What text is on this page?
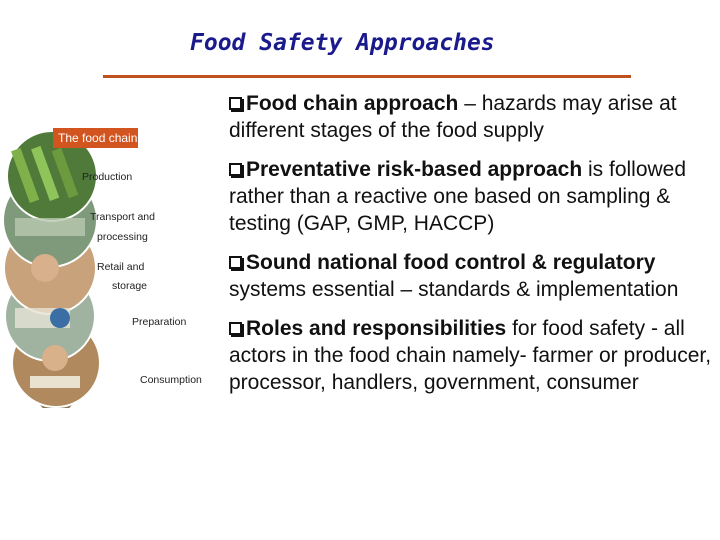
Food Safety Approaches
The food chain
Production
Transport and
processing
Retail and
storage
Preparation
Consumption
Food chain approach – hazards may arise at different stages of the food supply
Preventative risk-based approach is followed rather than a reactive one based on sampling & testing (GAP, GMP, HACCP)
Sound national food control & regulatory systems essential – standards & implementation
Roles and responsibilities for food safety - all actors in the food chain namely- farmer or producer, processor, handlers, government, consumer
